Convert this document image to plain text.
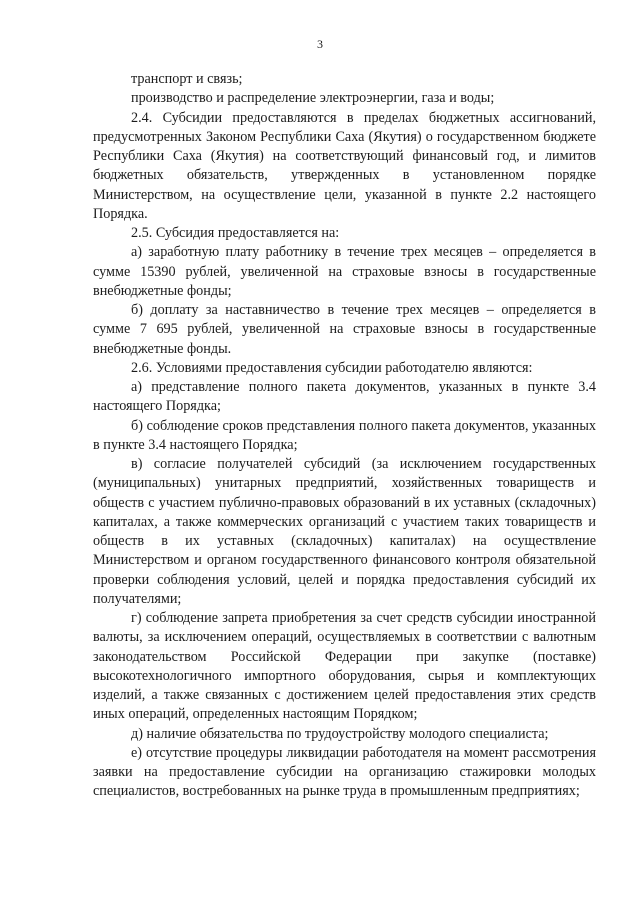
3

транспорт и связь;

производство и распределение электроэнергии, газа и воды;

2.4. Субсидии предоставляются в пределах бюджетных ассигнований, предусмотренных Законом Республики Саха (Якутия) о государственном бюджете Республики Саха (Якутия) на соответствующий финансовый год, и лимитов бюджетных обязательств, утвержденных в установленном порядке Министерством, на осуществление цели, указанной в пункте 2.2 настоящего Порядка.

2.5. Субсидия предоставляется на:

а) заработную плату работнику в течение трех месяцев – определяется в сумме 15390 рублей, увеличенной на страховые взносы в государственные внебюджетные фонды;

б) доплату за наставничество в течение трех месяцев – определяется в сумме 7 695 рублей, увеличенной на страховые взносы в государственные внебюджетные фонды.

2.6. Условиями предоставления субсидии работодателю являются:

а) представление полного пакета документов, указанных в пункте 3.4 настоящего Порядка;

б) соблюдение сроков представления полного пакета документов, указанных в пункте 3.4 настоящего Порядка;

в) согласие получателей субсидий (за исключением государственных (муниципальных) унитарных предприятий, хозяйственных товариществ и обществ с участием публично-правовых образований в их уставных (складочных) капиталах, а также коммерческих организаций с участием таких товариществ и обществ в их уставных (складочных) капиталах) на осуществление Министерством и органом государственного финансового контроля обязательной проверки соблюдения условий, целей и порядка предоставления субсидий их получателями;

г) соблюдение запрета приобретения за счет средств субсидии иностранной валюты, за исключением операций, осуществляемых в соответствии с валютным законодательством Российской Федерации при закупке (поставке) высокотехнологичного импортного оборудования, сырья и комплектующих изделий, а также связанных с достижением целей предоставления этих средств иных операций, определенных настоящим Порядком;

д) наличие обязательства по трудоустройству молодого специалиста;

е) отсутствие процедуры ликвидации работодателя на момент рассмотрения заявки на предоставление субсидии на организацию стажировки молодых специалистов, востребованных на рынке труда в промышленным предприятиях;
